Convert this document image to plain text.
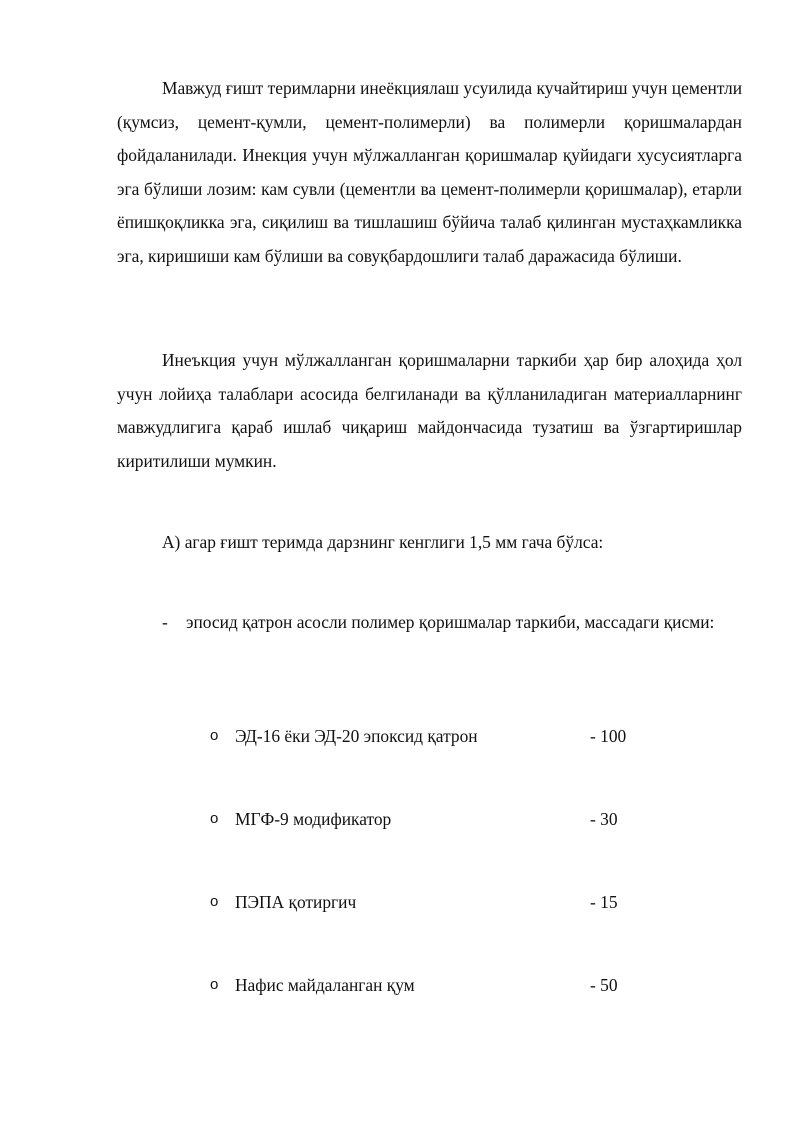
Мавжуд ғишт теримларни инеёкциялаш усуилида кучайтириш учун цементли (қумсиз, цемент-қумли, цемент-полимерли) ва полимерли қоришмалардан фойдаланилади. Инекция учун мўлжалланган қоришмалар қуйидаги хусусиятларга эга бўлиши лозим: кам сувли (цементли ва цемент-полимерли қоришмалар), етарли ёпишқоқликка эга, сиқилиш ва тишлашиш бўйича талаб қилинган мустаҳкамликка эга, киришиши кам бўлиши ва совуқбардошлиги талаб даражасида бўлиши.

Инеъкция учун мўлжалланган қоришмаларни таркиби ҳар бир алоҳида ҳол учун лойиҳа талаблари асосида белгиланади ва қўлланиладиган материалларнинг мавжудлигига қараб ишлаб чиқариш майдончасида тузатиш ва ўзгартиришлар киритилиши мумкин.

А) агар ғишт теримда дарзнинг кенглиги 1,5 мм гача бўлса:

- эпосид қатрон асосли полимер қоришмалар таркиби, массадаги қисми:

o ЭД-16 ёки ЭД-20 эпоксид қатрон	- 100
o МГФ-9 модификатор	- 30
o ПЭПА қотиргич	- 15
o Нафис майдаланган қум	- 50
